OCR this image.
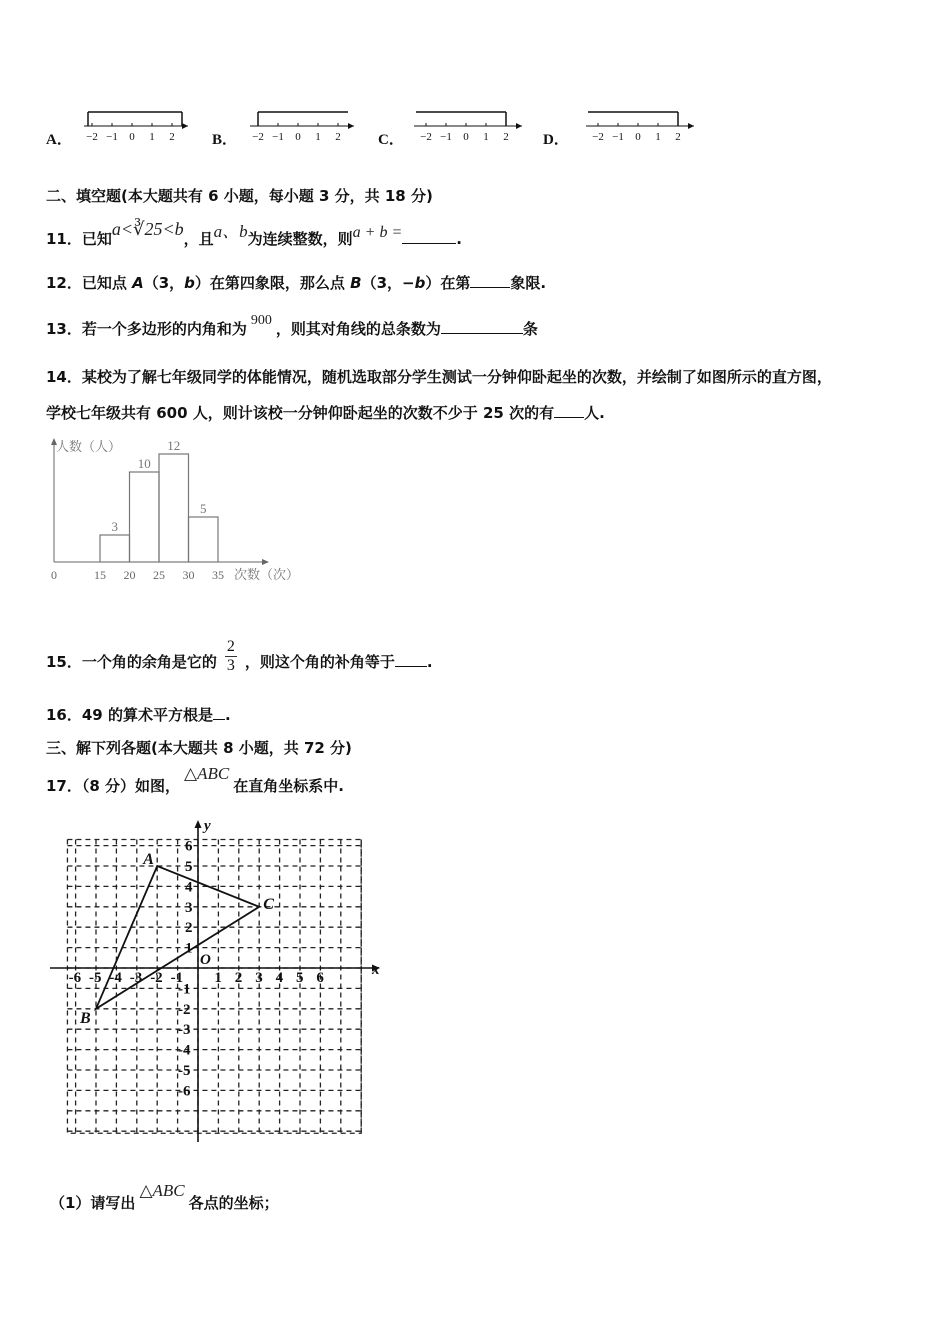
A． −2 −1 0 1 2 B． −2 −1 0 1 2 C． −2 −1 0 1 2 D． −2 −1 0 1 2
二、填空题(本大题共有 6 小题，每小题 3 分，共 18 分)
11．已知a<∛25<b，且a、b为连续整数，则a + b =	.
12．已知点 A（3，b）在第四象限，那么点 B（3，−b）在第	象限.
13．若一个多边形的内角和为 900 ，则其对角线的总条数为	条
14．某校为了解七年级同学的体能情况，随机选取部分学生测试一分钟仰卧起坐的次数，并绘制了如图所示的直方图，
学校七年级共有 600 人，则计该校一分钟仰卧起坐的次数不少于 25 次的有 人.
人数（人）
次数（次）
3
10
12
5
0	15 20 25 30 35
15．一个角的余角是它的 $\frac{2}{3}$ ，则这个角的补角等于 .
16．49 的算术平方根是 .
三、解下列各题(本大题共 8 小题，共 72 分)
17．（8 分）如图，△ABC在直角坐标系中.
x
y
O
-6 -5 -4 -3 -2 -1 1 2 3 4 5 6
6
5
4
3
2
1
-1
-2
-3
-4
-5
-6
A
B
C
（1）请写出△ABC各点的坐标；
